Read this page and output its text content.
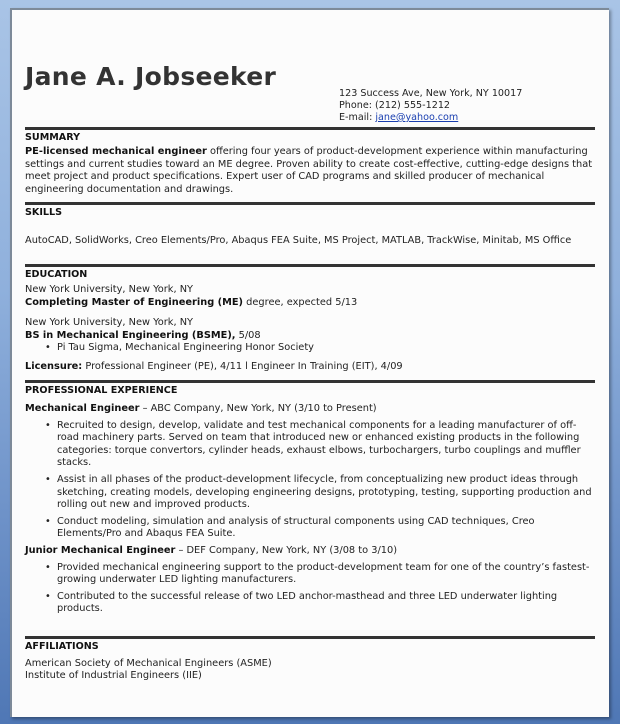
Jane A. Jobseeker
123 Success Ave, New York, NY 10017
Phone: (212) 555-1212
E-mail: jane@yahoo.com
SUMMARY
PE-licensed mechanical engineer offering four years of product-development experience within manufacturing settings and current studies toward an ME degree. Proven ability to create cost-effective, cutting-edge designs that meet project and product specifications. Expert user of CAD programs and skilled producer of mechanical engineering documentation and drawings.
SKILLS
AutoCAD, SolidWorks, Creo Elements/Pro, Abaqus FEA Suite, MS Project, MATLAB, TrackWise, Minitab, MS Office
EDUCATION
New York University, New York, NY
Completing Master of Engineering (ME) degree, expected 5/13
New York University, New York, NY
BS in Mechanical Engineering (BSME), 5/08
• Pi Tau Sigma, Mechanical Engineering Honor Society
Licensure: Professional Engineer (PE), 4/11 l Engineer In Training (EIT), 4/09
PROFESSIONAL EXPERIENCE
Mechanical Engineer – ABC Company, New York, NY (3/10 to Present)
• Recruited to design, develop, validate and test mechanical components for a leading manufacturer of off-road machinery parts. Served on team that introduced new or enhanced existing products in the following categories: torque convertors, cylinder heads, exhaust elbows, turbochargers, turbo couplings and muffler stacks.
• Assist in all phases of the product-development lifecycle, from conceptualizing new product ideas through sketching, creating models, developing engineering designs, prototyping, testing, supporting production and rolling out new and improved products.
• Conduct modeling, simulation and analysis of structural components using CAD techniques, Creo Elements/Pro and Abaqus FEA Suite.
Junior Mechanical Engineer – DEF Company, New York, NY (3/08 to 3/10)
• Provided mechanical engineering support to the product-development team for one of the country’s fastest-growing underwater LED lighting manufacturers.
• Contributed to the successful release of two LED anchor-masthead and three LED underwater lighting products.
AFFILIATIONS
American Society of Mechanical Engineers (ASME)
Institute of Industrial Engineers (IIE)
